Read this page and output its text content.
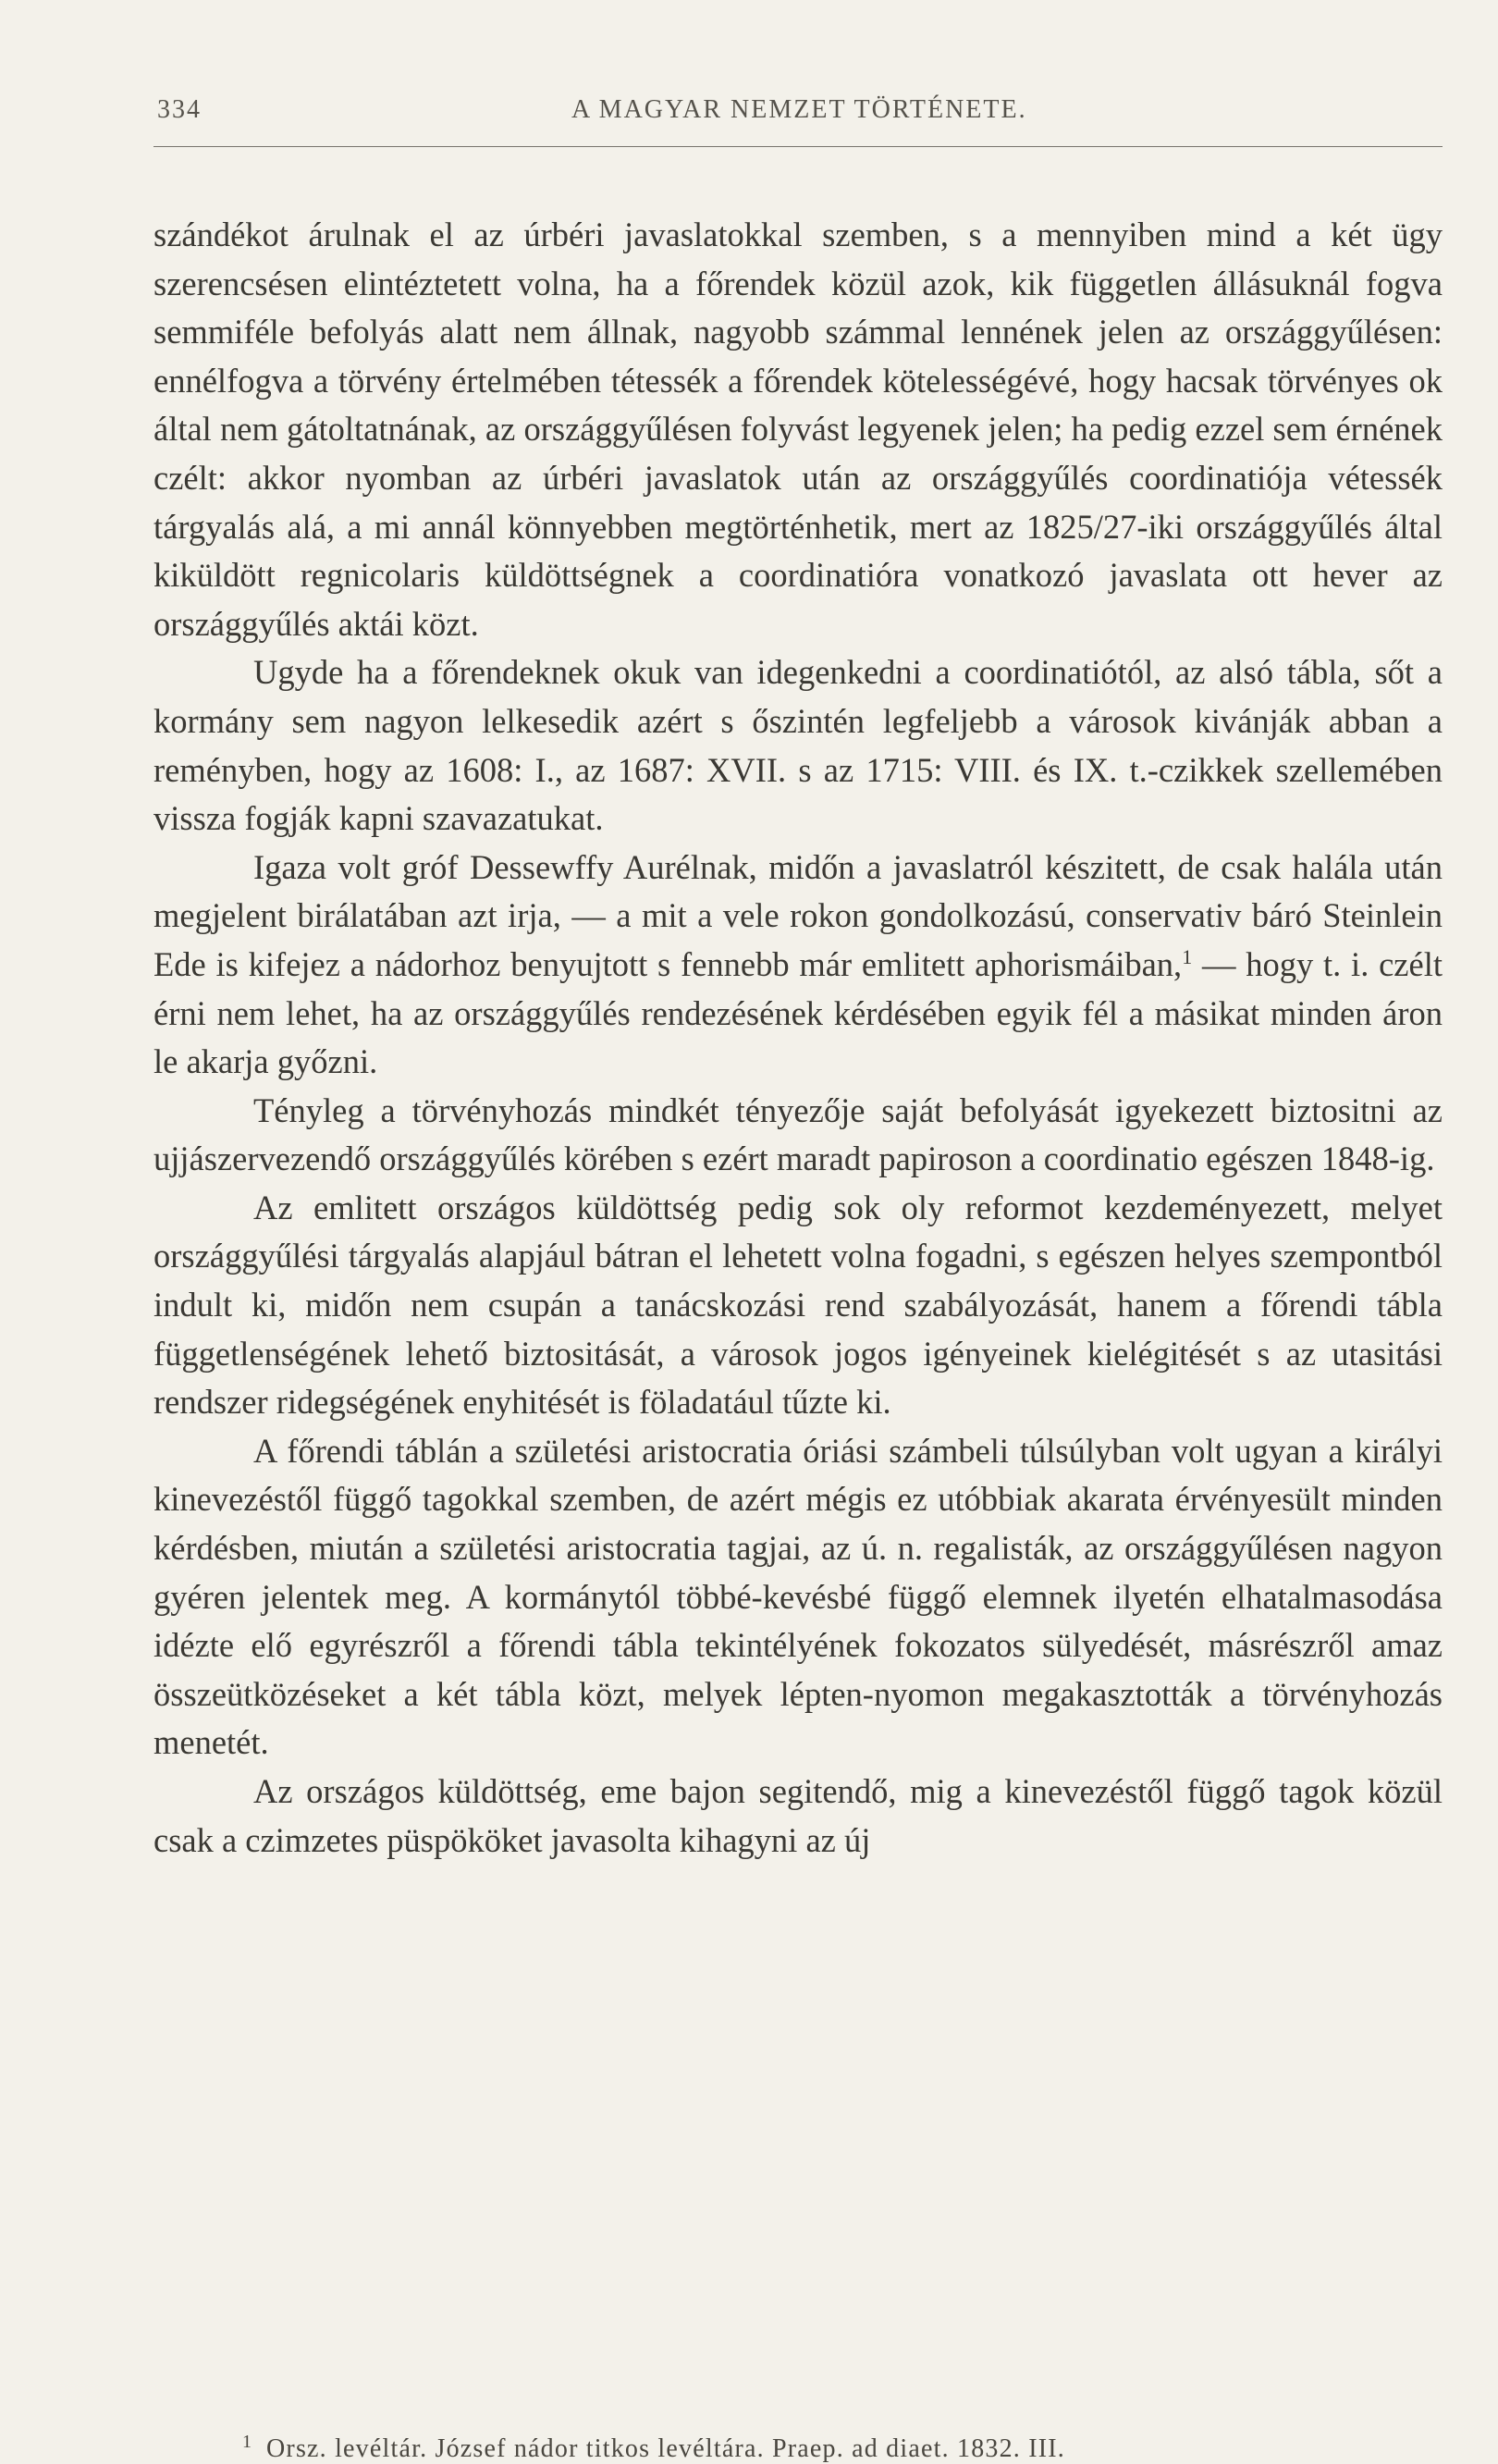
334	A MAGYAR NEMZET TÖRTÉNETE.

szándékot árulnak el az úrbéri javaslatokkal szemben, s a mennyiben mind a két ügy szerencsésen elintéztetett volna, ha a főrendek közül azok, kik független állásuknál fogva semmiféle befolyás alatt nem állnak, nagyobb számmal lennének jelen az országgyűlésen: ennélfogva a törvény értelmében tétessék a főrendek kötelességévé, hogy hacsak törvényes ok által nem gátoltatnának, az országgyűlésen folyvást legyenek jelen; ha pedig ezzel sem érnének czélt: akkor nyomban az úrbéri javaslatok után az országgyűlés coordinatiója vétessék tárgyalás alá, a mi annál könnyebben megtörténhetik, mert az 1825/27-iki országgyűlés által kiküldött regnicolaris küldöttségnek a coordinatióra vonatkozó javaslata ott hever az országgyűlés aktái közt.

Ugyde ha a főrendeknek okuk van idegenkedni a coordinatiótól, az alsó tábla, sőt a kormány sem nagyon lelkesedik azért s őszintén legfeljebb a városok kivánják abban a reményben, hogy az 1608: I., az 1687: XVII. s az 1715: VIII. és IX. t.-czikkek szellemében vissza fogják kapni szavazatukat.

Igaza volt gróf Dessewffy Aurélnak, midőn a javaslatról készitett, de csak halála után megjelent birálatában azt irja, — a mit a vele rokon gondolkozású, conservativ báró Steinlein Ede is kifejez a nádorhoz benyujtott s fennebb már emlitett aphorismáiban,$^1$ — hogy t. i. czélt érni nem lehet, ha az országgyűlés rendezésének kérdésében egyik fél a másikat minden áron le akarja győzni.

Tényleg a törvényhozás mindkét tényezője saját befolyását igyekezett biztositni az ujjászervezendő országgyűlés körében s ezért maradt papiroson a coordinatio egészen 1848-ig.

Az emlitett országos küldöttség pedig sok oly reformot kezdeményezett, melyet országgyűlési tárgyalás alapjául bátran el lehetett volna fogadni, s egészen helyes szempontból indult ki, midőn nem csupán a tanácskozási rend szabályozását, hanem a főrendi tábla függetlenségének lehető biztositását, a városok jogos igényeinek kielégitését s az utasitási rendszer ridegségének enyhitését is föladatául tűzte ki.

A főrendi táblán a születési aristocratia óriási számbeli túlsúlyban volt ugyan a királyi kinevezéstől függő tagokkal szemben, de azért mégis ez utóbbiak akarata érvényesült minden kérdésben, miután a születési aristocratia tagjai, az ú. n. regalisták, az országgyűlésen nagyon gyéren jelentek meg. A kormánytól többé-kevésbé függő elemnek ilyetén elhatalmasodása idézte elő egyrészről a főrendi tábla tekintélyének fokozatos sülyedését, másrészről amaz összeütközéseket a két tábla közt, melyek lépten-nyomon megakasztották a törvényhozás menetét.

Az országos küldöttség, eme bajon segitendő, mig a kinevezéstől függő tagok közül csak a czimzetes püspököket javasolta kihagyni az új

1 Orsz. levéltár. József nádor titkos levéltára. Praep. ad diaet. 1832. III.
